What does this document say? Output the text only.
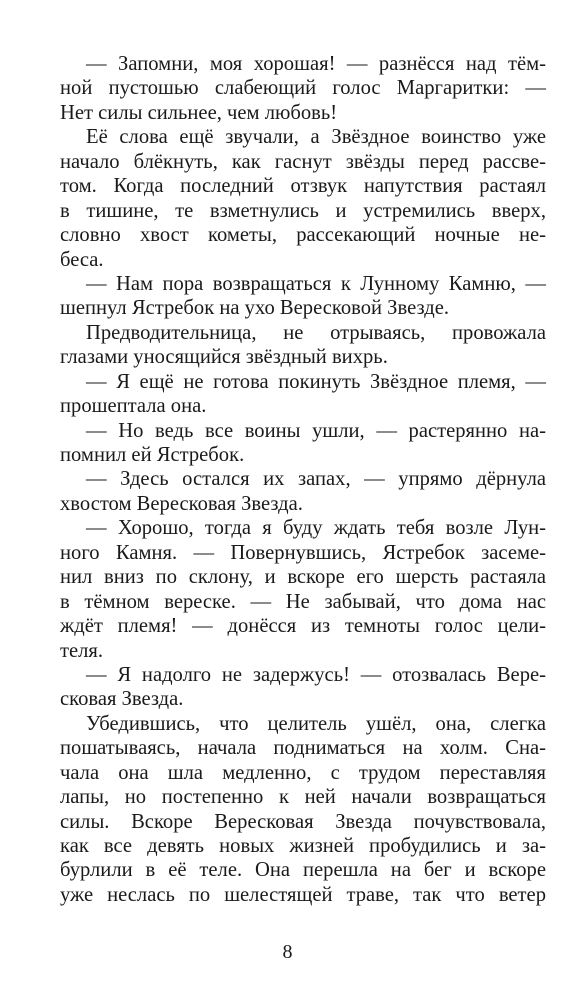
— Запомни, моя хорошая! — разнёсся над тём-
ной пустошью слабеющий голос Маргаритки: —
Нет силы сильнее, чем любовь!
Её слова ещё звучали, а Звёздное воинство уже
начало блёкнуть, как гаснут звёзды перед рассве-
том. Когда последний отзвук напутствия растаял
в тишине, те взметнулись и устремились вверх,
словно хвост кометы, рассекающий ночные не-
беса.
— Нам пора возвращаться к Лунному Камню, —
шепнул Ястребок на ухо Вересковой Звезде.
Предводительница, не отрываясь, провожала
глазами уносящийся звёздный вихрь.
— Я ещё не готова покинуть Звёздное племя, —
прошептала она.
— Но ведь все воины ушли, — растерянно на-
помнил ей Ястребок.
— Здесь остался их запах, — упрямо дёрнула
хвостом Вересковая Звезда.
— Хорошо, тогда я буду ждать тебя возле Лун-
ного Камня. — Повернувшись, Ястребок засеме-
нил вниз по склону, и вскоре его шерсть растаяла
в тёмном вереске. — Не забывай, что дома нас
ждёт племя! — донёсся из темноты голос цели-
теля.
— Я надолго не задержусь! — отозвалась Вере-
сковая Звезда.
Убедившись, что целитель ушёл, она, слегка
пошатываясь, начала подниматься на холм. Сна-
чала она шла медленно, с трудом переставляя
лапы, но постепенно к ней начали возвращаться
силы. Вскоре Вересковая Звезда почувствовала,
как все девять новых жизней пробудились и за-
бурлили в её теле. Она перешла на бег и вскоре
уже неслась по шелестящей траве, так что ветер
8
